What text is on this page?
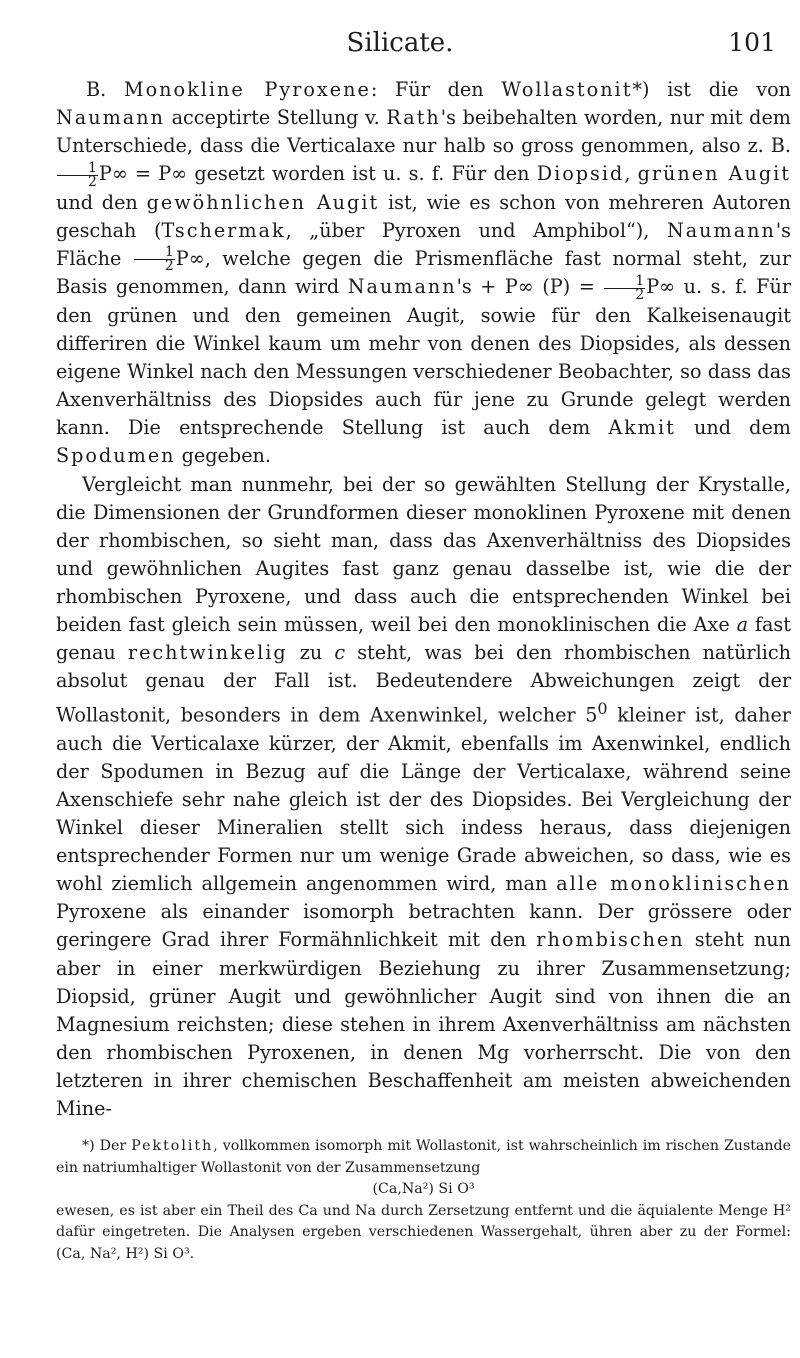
Silicate.	101

B. Monokline Pyroxene: Für den Wollastonit*) ist die von Naumann acceptirte Stellung v. Rath's beibehalten worden, nur mit dem Unterschiede, dass die Verticalaxe nur halb so gross genommen, also z. B.
$\frac{1}{2} P\infty = P\infty$ gesetzt worden ist u. s. f. Für den Diopsid, grünen Augit und den gewöhnlichen Augit ist, wie es schon von mehreren Autoren geschah (Tschermak, „über Pyroxen und Amphibol“), Naumann's Fläche $\frac{1}{2} P\infty$, welche gegen die Prismenfläche fast normal steht, zur Basis genommen, dann wird Naumann's + P∞ $(P) = \frac{1}{2} P\infty$ u. s. f. Für den grünen und den gemeinen Augit, sowie für den Kalkeisenaugit differiren die Winkel kaum um mehr von denen des Diopsides, als dessen eigene Winkel nach den Messungen verschiedener Beobachter, so dass das Axenverhältniss des Diopsides auch für jene zu Grunde gelegt werden kann. Die entsprechende Stellung ist auch dem Akmit und dem Spodumen gegeben.

Vergleicht man nunmehr, bei der so gewählten Stellung der Krystalle, die Dimensionen der Grundformen dieser monoklinen Pyroxene mit denen der rhombischen, so sieht man, dass das Axenverhältniss des Diopsides und gewöhnlichen Augites fast ganz genau dasselbe ist, wie die der rhombischen Pyroxene, und dass auch die entsprechenden Winkel bei beiden fast gleich sein müssen, weil bei den monoklinischen die Axe a fast genau rechtwinkelig zu c steht, was bei den rhombischen natürlich absolut genau der Fall ist. Bedeutendere Abweichungen zeigt der Wollastonit, besonders in dem Axenwinkel, welcher $5^0$ kleiner ist, daher auch die Verticalaxe kürzer, der Akmit, ebenfalls im Axenwinkel, endlich der Spodumen in Bezug auf die Länge der Verticalaxe, während seine Axenschiefe sehr nahe gleich ist der des Diopsides. Bei Vergleichung der Winkel dieser Mineralien stellt sich indess heraus, dass diejenigen entsprechender Formen nur um wenige Grade abweichen, so dass, wie es wohl ziemlich allgemein angenommen wird, man alle monoklinischen Pyroxene als einander isomorph betrachten kann. Der grössere oder geringere Grad ihrer Formähnlichkeit mit den rhombischen steht nun aber in einer merkwürdigen Beziehung zu ihrer Zusammensetzung; Diopsid, grüner Augit und gewöhnlicher Augit sind von ihnen die an Magnesium reichsten; diese stehen in ihrem Axenverhältniss am nächsten den rhombischen Pyroxenen, in denen Mg vorherrscht. Die von den letzteren in ihrer chemischen Beschaffenheit am meisten abweichenden Mine-

*) Der Pektolith, vollkommen isomorph mit Wollastonit, ist wahrscheinlich im rischen Zustande ein natriumhaltiger Wollastonit von der Zusammensetzung

(Ca,Na²) Si O³

ewesen, es ist aber ein Theil des Ca und Na durch Zersetzung entfernt und die äquialente Menge H² dafür eingetreten. Die Analysen ergeben verschiedenen Wassergehalt, ühren aber zu der Formel: (Ca, Na², H²) Si O³.
